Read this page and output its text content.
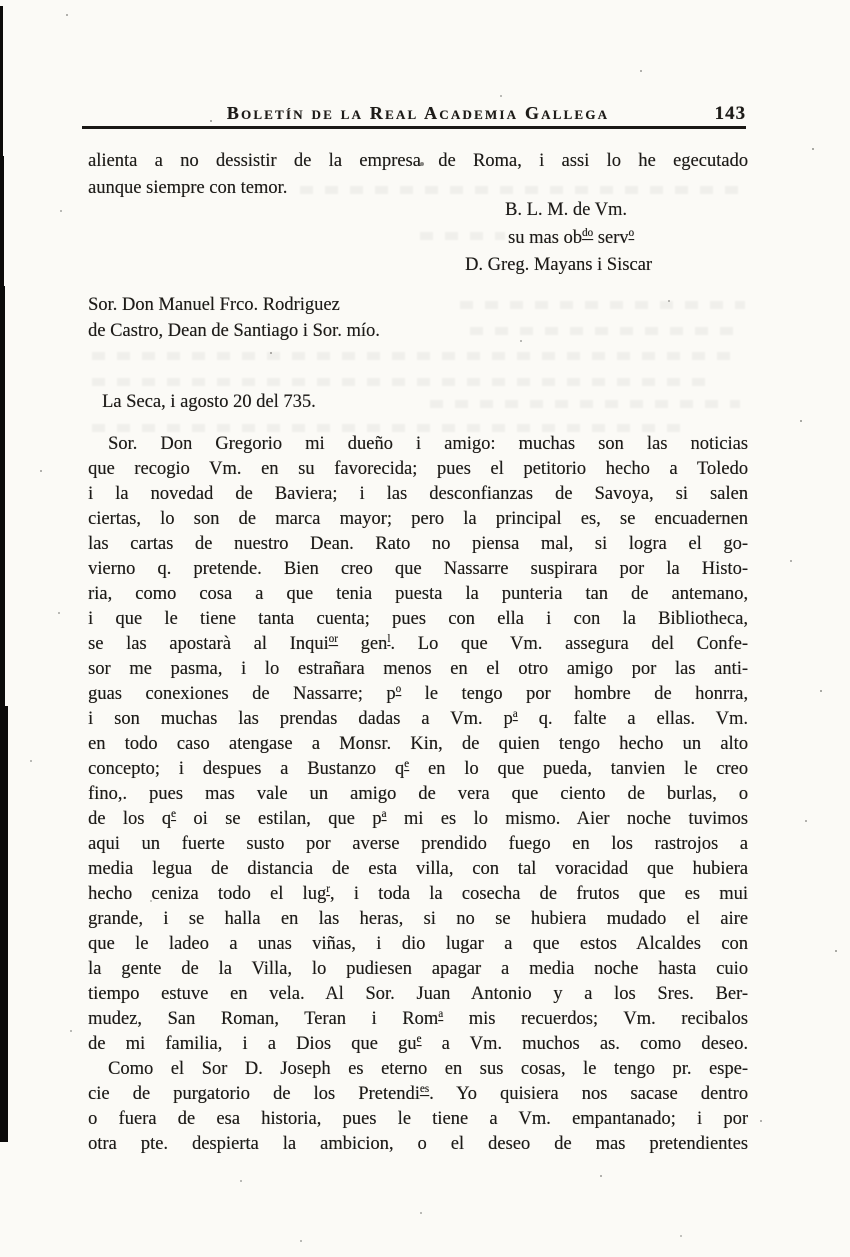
Boletín de la Real Academia Gallega	143
alienta a no dessistir de la empresa de Roma, i assi lo he egecutado
aunque siempre con temor.
B. L. M. de Vm.
su mas $ob^{do}$ serv$^o$
D. Greg. Mayans i Siscar
Sor. Don Manuel Frco. Rodriguez
de Castro, Dean de Santiago i Sor. mío.
La Seca, i agosto 20 del 735.
Sor. Don Gregorio mi dueño i amigo: muchas son las noticias
que recogio Vm. en su favorecida; pues el petitorio hecho a Toledo
i la novedad de Baviera; i las desconfianzas de Savoya, si salen
ciertas, lo son de marca mayor; pero la principal es, se encuadernen
las cartas de nuestro Dean. Rato no piensa mal, si logra el go-
vierno q. pretende. Bien creo que Nassarre suspirara por la Histo-
ria, como cosa a que tenia puesta la punteria tan de antemano,
i que le tiene tanta cuenta; pues con ella i con la Bibliotheca,
se las apostarà al Inqui$^{or}$ gen$^l$. Lo que Vm. assegura del Confe-
sor me pasma, i lo estrañara menos en el otro amigo por las anti-
guas conexiones de Nassarre; $p^o$ le tengo por hombre de honrra,
i son muchas las prendas dadas a Vm. $p^a$ q. falte a ellas. Vm.
en todo caso atengase a Monsr. Kin, de quien tengo hecho un alto
concepto; i despues a Bustanzo $q^e$ en lo que pueda, tanvien le creo
fino,. pues mas vale un amigo de vera que ciento de burlas, o
de los $q^e$ oi se estilan, que $p^a$ mi es lo mismo. Aier noche tuvimos
aqui un fuerte susto por averse prendido fuego en los rastrojos a
media legua de distancia de esta villa, con tal voracidad que hubiera
hecho ceniza todo el lug$^r$, i toda la cosecha de frutos que es mui
grande, i se halla en las heras, si no se hubiera mudado el aire
que le ladeo a unas viñas, i dio lugar a que estos Alcaldes con
la gente de la Villa, lo pudiesen apagar a media noche hasta cuio
tiempo estuve en vela. Al Sor. Juan Antonio y a los Sres. Ber-
mudez, San Roman, Teran i Rom$^a$ mis recuerdos; Vm. recibalos
de mi familia, i a Dios que $gu^e$ a Vm. muchos as. como deseo.
Como el Sor D. Joseph es eterno en sus cosas, le tengo pr. espe-
cie de purgatorio de los Pretendi$^{es}$. Yo quisiera nos sacase dentro
o fuera de esa historia, pues le tiene a Vm. empantanado; i por
otra pte. despierta la ambicion, o el deseo de mas pretendientes
